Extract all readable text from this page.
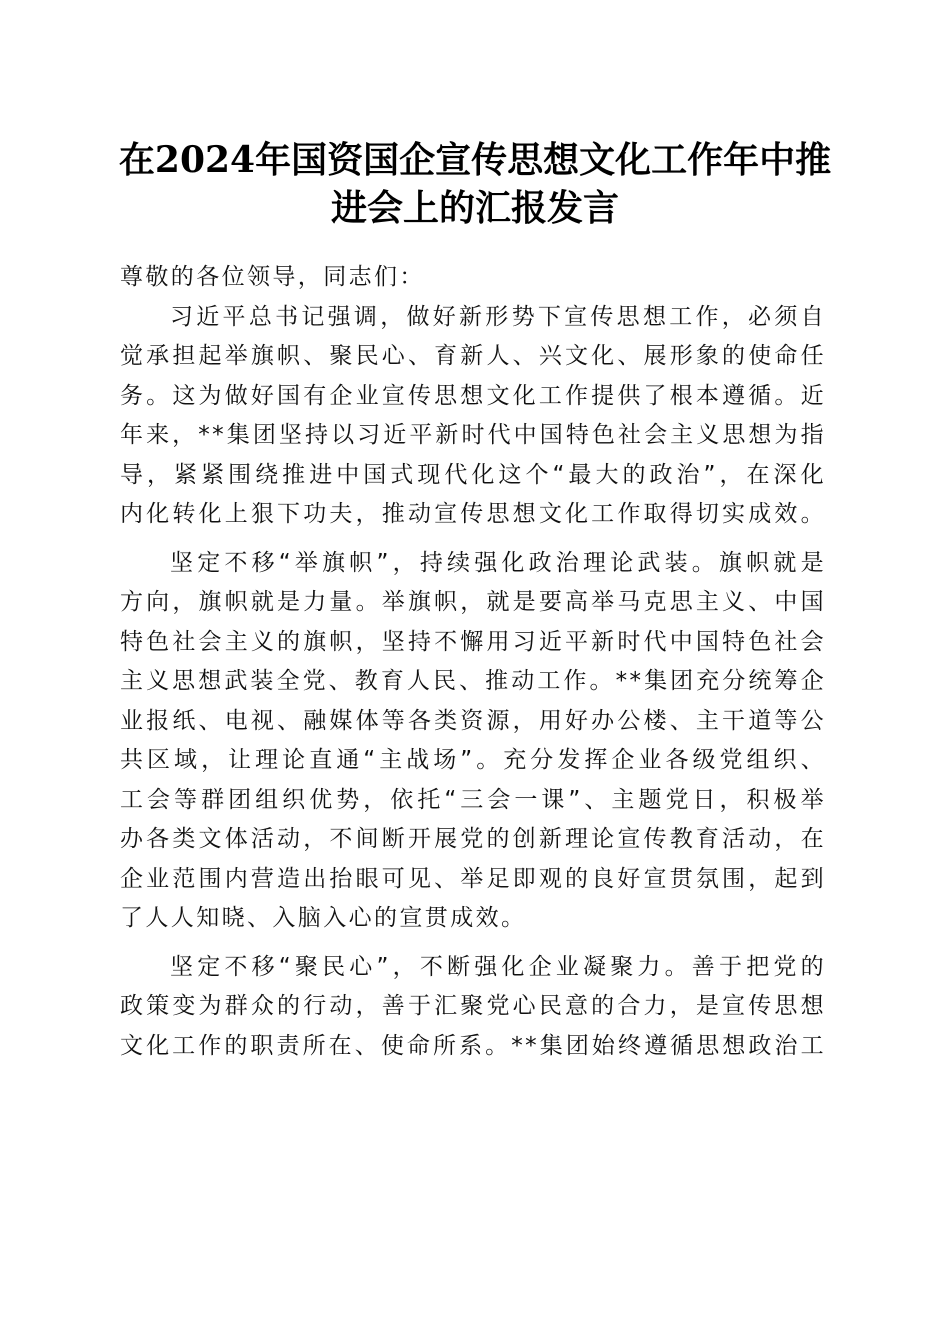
在2024年国资国企宣传思想文化工作年中推
进会上的汇报发言
尊敬的各位领导，同志们：
习近平总书记强调，做好新形势下宣传思想工作，必须自
觉承担起举旗帜、聚民心、育新人、兴文化、展形象的使命任
务。这为做好国有企业宣传思想文化工作提供了根本遵循。近
年来，**集团坚持以习近平新时代中国特色社会主义思想为指
导，紧紧围绕推进中国式现代化这个“最大的政治”，在深化
内化转化上狠下功夫，推动宣传思想文化工作取得切实成效。
坚定不移“举旗帜”，持续强化政治理论武装。旗帜就是
方向，旗帜就是力量。举旗帜，就是要高举马克思主义、中国
特色社会主义的旗帜，坚持不懈用习近平新时代中国特色社会
主义思想武装全党、教育人民、推动工作。**集团充分统筹企
业报纸、电视、融媒体等各类资源，用好办公楼、主干道等公
共区域，让理论直通“主战场”。充分发挥企业各级党组织、
工会等群团组织优势，依托“三会一课”、主题党日，积极举
办各类文体活动，不间断开展党的创新理论宣传教育活动，在
企业范围内营造出抬眼可见、举足即观的良好宣贯氛围，起到
了人人知晓、入脑入心的宣贯成效。
坚定不移“聚民心”，不断强化企业凝聚力。善于把党的
政策变为群众的行动，善于汇聚党心民意的合力，是宣传思想
文化工作的职责所在、使命所系。**集团始终遵循思想政治工
